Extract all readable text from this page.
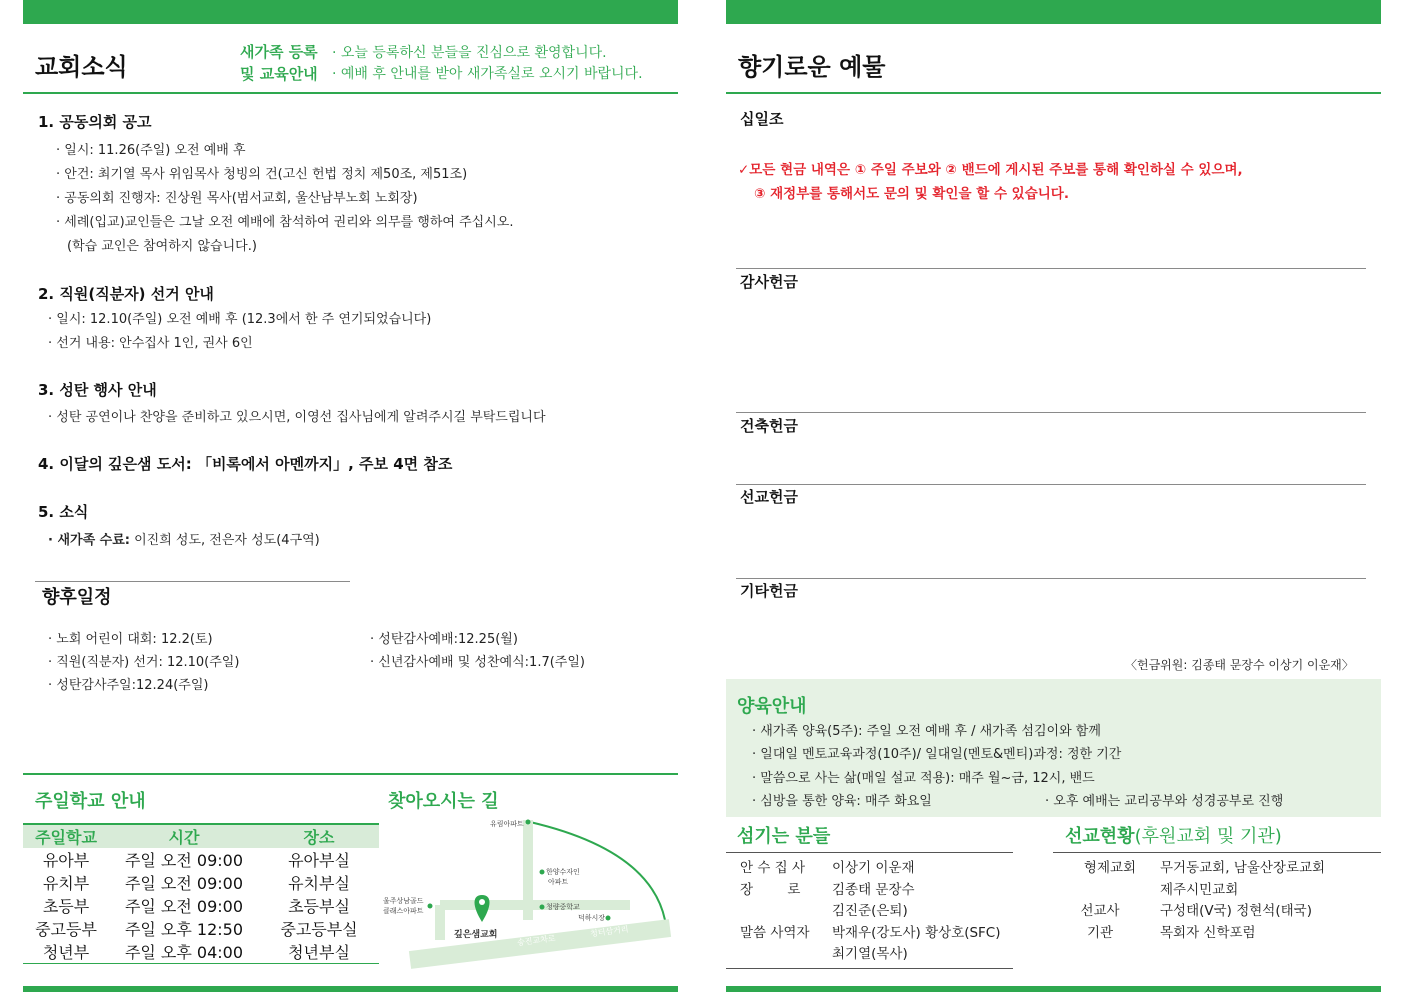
교회소식
새가족 등록
및 교육안내
· 오늘 등록하신 분들을 진심으로 환영합니다.
· 예배 후 안내를 받아 새가족실로 오시기 바랍니다.
1. 공동의회 공고
· 일시: 11.26(주일) 오전 예배 후
· 안건: 최기열 목사 위임목사 청빙의 건(고신 헌법 정치 제50조, 제51조)
· 공동의회 진행자: 진상원 목사(범서교회, 울산남부노회 노회장)
· 세례(입교)교인들은 그날 오전 예배에 참석하여 권리와 의무를 행하여 주십시오.
(학습 교인은 참여하지 않습니다.)
2. 직원(직분자) 선거 안내
· 일시: 12.10(주일) 오전 예배 후 (12.3에서 한 주 연기되었습니다)
· 선거 내용: 안수집사 1인, 권사 6인
3. 성탄 행사 안내
· 성탄 공연이나 찬양을 준비하고 있으시면, 이영선 집사님에게 알려주시길 부탁드립니다
4. 이달의 깊은샘 도서: 「비록에서 아멘까지」, 주보 4면 참조
5. 소식
· 새가족 수료: 이진희 성도, 전은자 성도(4구역)
향후일정
· 노회 어린이 대회: 12.2(토)
· 직원(직분자) 선거: 12.10(주일)
· 성탄감사주일:12.24(주일)
· 성탄감사예배:12.25(월)
· 신년감사예배 및 성찬예식:1.7(주일)
주일학교 안내	찾아오시는 길
주일학교	시간	장소
유아부	주일 오전 09:00	유아부실
유치부	주일 오전 09:00	유치부실
초등부	주일 오전 09:00	초등부실
중고등부	주일 오후 12:50	중고등부실
청년부	주일 오후 04:00	청년부실
유림아파트
한양수자인
아파트
청량중학교
덕하시장
울주상남골드
클래스아파트
깊은샘교회 송진교차로
청터삼거리
향기로운 예물
십일조
✓모든 현금 내역은 ① 주일 주보와 ② 밴드에 게시된 주보를 통해 확인하실 수 있으며,
③ 재정부를 통해서도 문의 및 확인을 할 수 있습니다.
감사헌금
건축헌금
선교헌금
기타헌금
〈헌금위원: 김종태 문장수 이상기 이운재〉
양육안내
· 새가족 양육(5주): 주일 오전 예배 후 / 새가족 섬김이와 함께
· 일대일 멘토교육과정(10주)/ 일대일(멘토&멘티)과정: 정한 기간
· 말씀으로 사는 삶(매일 설교 적용): 매주 월~금, 12시, 밴드
· 심방을 통한 양육: 매주 화요일	· 오후 예배는 교리공부와 성경공부로 진행
섬기는 분들
안 수 집 사 이상기 이운재
장        로 김종태 문장수
김진준(은퇴)
말씀 사역자 박재우(강도사) 황상호(SFC)
최기열(목사)
선교현황(후원교회 및 기관)
형제교회 무거동교회, 남울산장로교회
제주시민교회
선교사	구성태(V국) 정현석(태국)
기관	목회자 신학포럼
